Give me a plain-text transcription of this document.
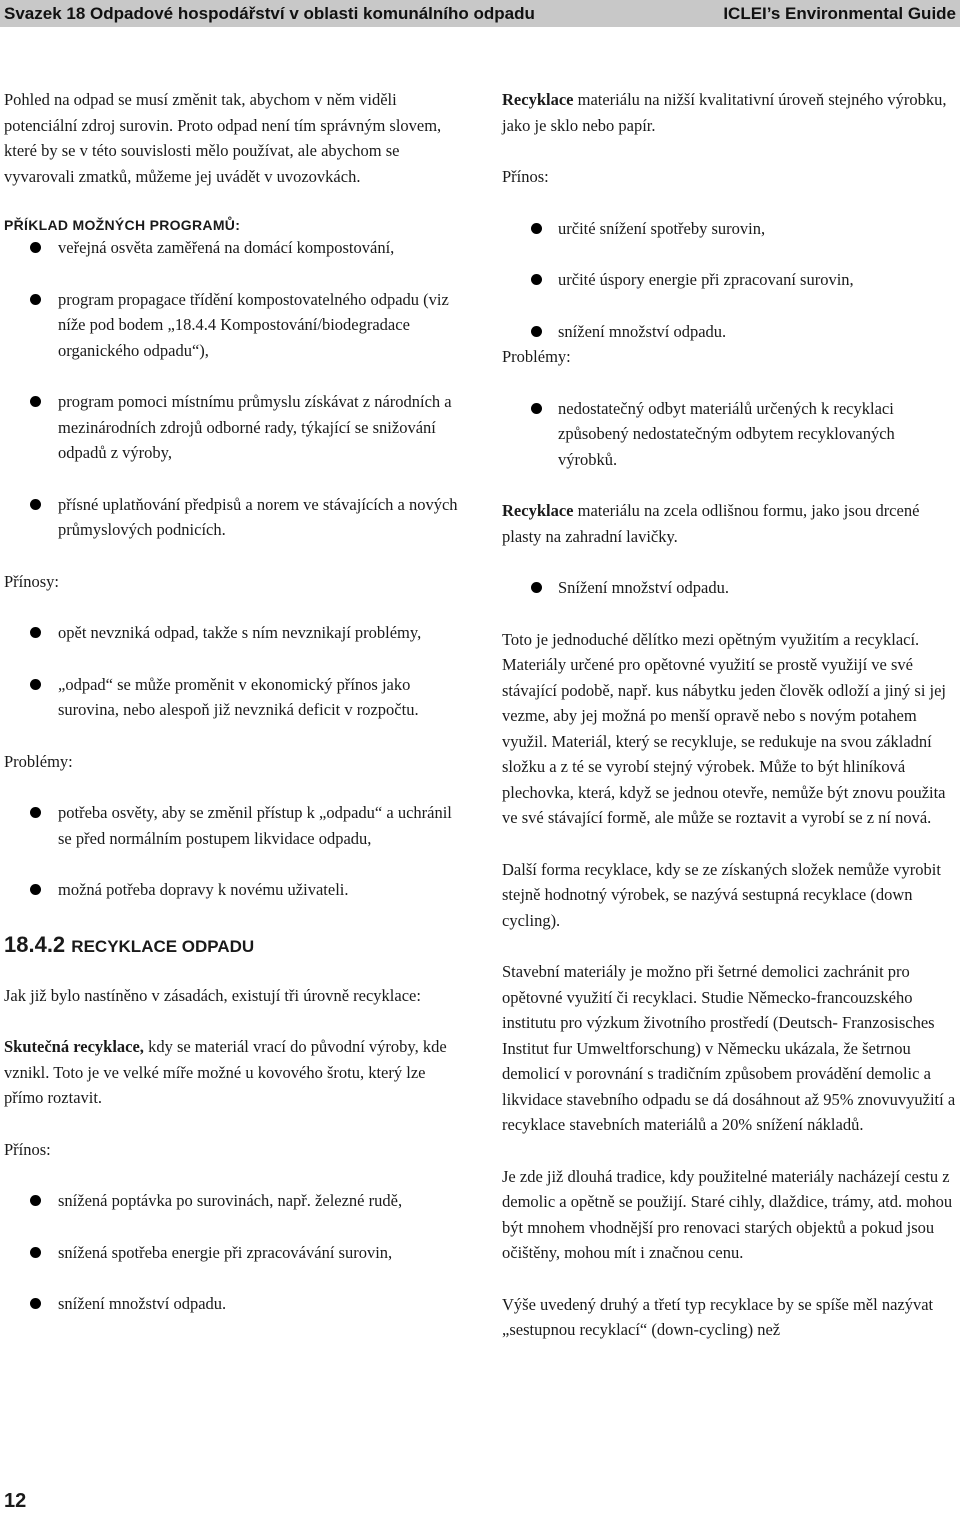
Svazek 18 Odpadové hospodářství v oblasti komunálního odpadu	ICLEI’s Environmental Guide

Pohled na odpad se musí změnit tak, abychom v něm viděli potenciální zdroj surovin. Proto odpad není tím správným slovem, které by se v této souvislosti mělo používat, ale abychom se vyvarovali zmatků, můžeme jej uvádět v uvozovkách.

PŘÍKLAD MOŽNÝCH PROGRAMŮ:
veřejná osvěta zaměřená na domácí kompostování,
program propagace třídění kompostovatelného odpadu (viz níže pod bodem „18.4.4 Kompostování/biodegradace organického odpadu“),
program pomoci místnímu průmyslu získávat z národních a mezinárodních zdrojů odborné rady, týkající se snižování odpadů z výroby,
přísné uplatňování předpisů a norem ve stávajících a nových průmyslových podnicích.
Přínosy:
opět nevzniká odpad, takže s ním nevznikají problémy,
„odpad“ se může proměnit v ekonomický přínos jako surovina, nebo alespoň již nevzniká deficit v rozpočtu.
Problémy:
potřeba osvěty, aby se změnil přístup k „odpadu“ a uchránil se před normálním postupem likvidace odpadu,
možná potřeba dopravy k novému uživateli.
18.4.2 RECYKLACE ODPADU

Jak již bylo nastíněno v zásadách, existují tři úrovně recyklace:

Skutečná recyklace, kdy se materiál vrací do původní výroby, kde vznikl. Toto je ve velké míře možné u kovového šrotu, který lze přímo roztavit.

Přínos:
snížená poptávka po surovinách, např. železné rudě,
snížená spotřeba energie při zpracovávání surovin,
snížení množství odpadu.

Recyklace materiálu na nižší kvalitativní úroveň stejného výrobku, jako je sklo nebo papír.

Přínos:
určité snížení spotřeby surovin,
určité úspory energie při zpracovaní surovin,
snížení množství odpadu.
Problémy:
nedostatečný odbyt materiálů určených k recyklaci způsobený nedostatečným odbytem recyklovaných výrobků.

Recyklace materiálu na zcela odlišnou formu, jako jsou drcené plasty na zahradní lavičky.

Snížení množství odpadu.

Toto je jednoduché dělítko mezi opětným využitím a recyklací. Materiály určené pro opětovné využití se prostě využijí ve své stávající podobě, např. kus nábytku jeden člověk odloží a jiný si jej vezme, aby jej možná po menší opravě nebo s novým potahem využil. Materiál, který se recykluje, se redukuje na svou základní složku a z té se vyrobí stejný výrobek. Může to být hliníková plechovka, která, když se jednou otevře, nemůže být znovu použita ve své stávající formě, ale může se roztavit a vyrobí se z ní nová.

Další forma recyklace, kdy se ze získaných složek nemůže vyrobit stejně hodnotný výrobek, se nazývá sestupná recyklace (down cycling).

Stavební materiály je možno při šetrné demolici zachránit pro opětovné využití či recyklaci. Studie Německo-francouzského institutu pro výzkum životního prostředí (Deutsch- Franzosisches Institut fur Umweltforschung) v Německu ukázala, že šetrnou demolicí v porovnání s tradičním způsobem provádění demolic a likvidace stavebního odpadu se dá dosáhnout až 95% znovuvyužití a recyklace stavebních materiálů a 20% snížení nákladů.

Je zde již dlouhá tradice, kdy použitelné materiály nacházejí cestu z demolic a opětně se použijí. Staré cihly, dlaždice, trámy, atd. mohou být mnohem vhodnější pro renovaci starých objektů a pokud jsou očištěny, mohou mít i značnou cenu.

Výše uvedený druhý a třetí typ recyklace by se spíše měl nazývat „sestupnou recyklací“ (down-cycling) než

12
